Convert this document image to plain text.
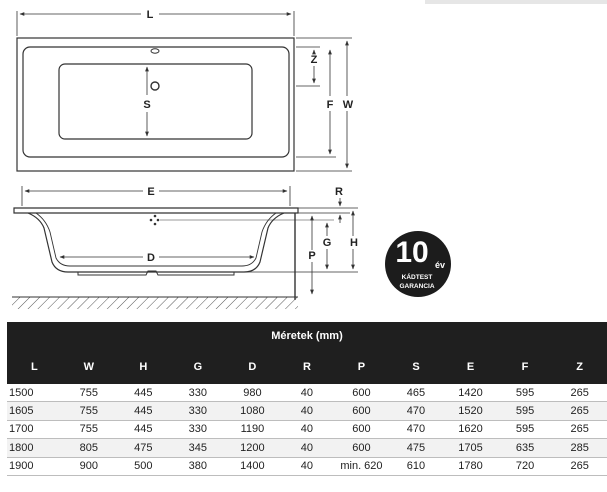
L
S
Z
F W
E
D
R
H
G
P	10 év
KÁDTEST
GARANCIA
Méretek (mm)										
L	W	H	G	D	R	P	S	E	F	Z
1500	755	445	330	980	40	600	465	1420	595	265
1605	755	445	330	1080	40	600	470	1520	595	265
1700	755	445	330	1190	40	600	470	1620	595	265
1800	805	475	345	1200	40	600	475	1705	635	285
1900	900	500	380	1400	40	min. 620	610	1780	720	265
